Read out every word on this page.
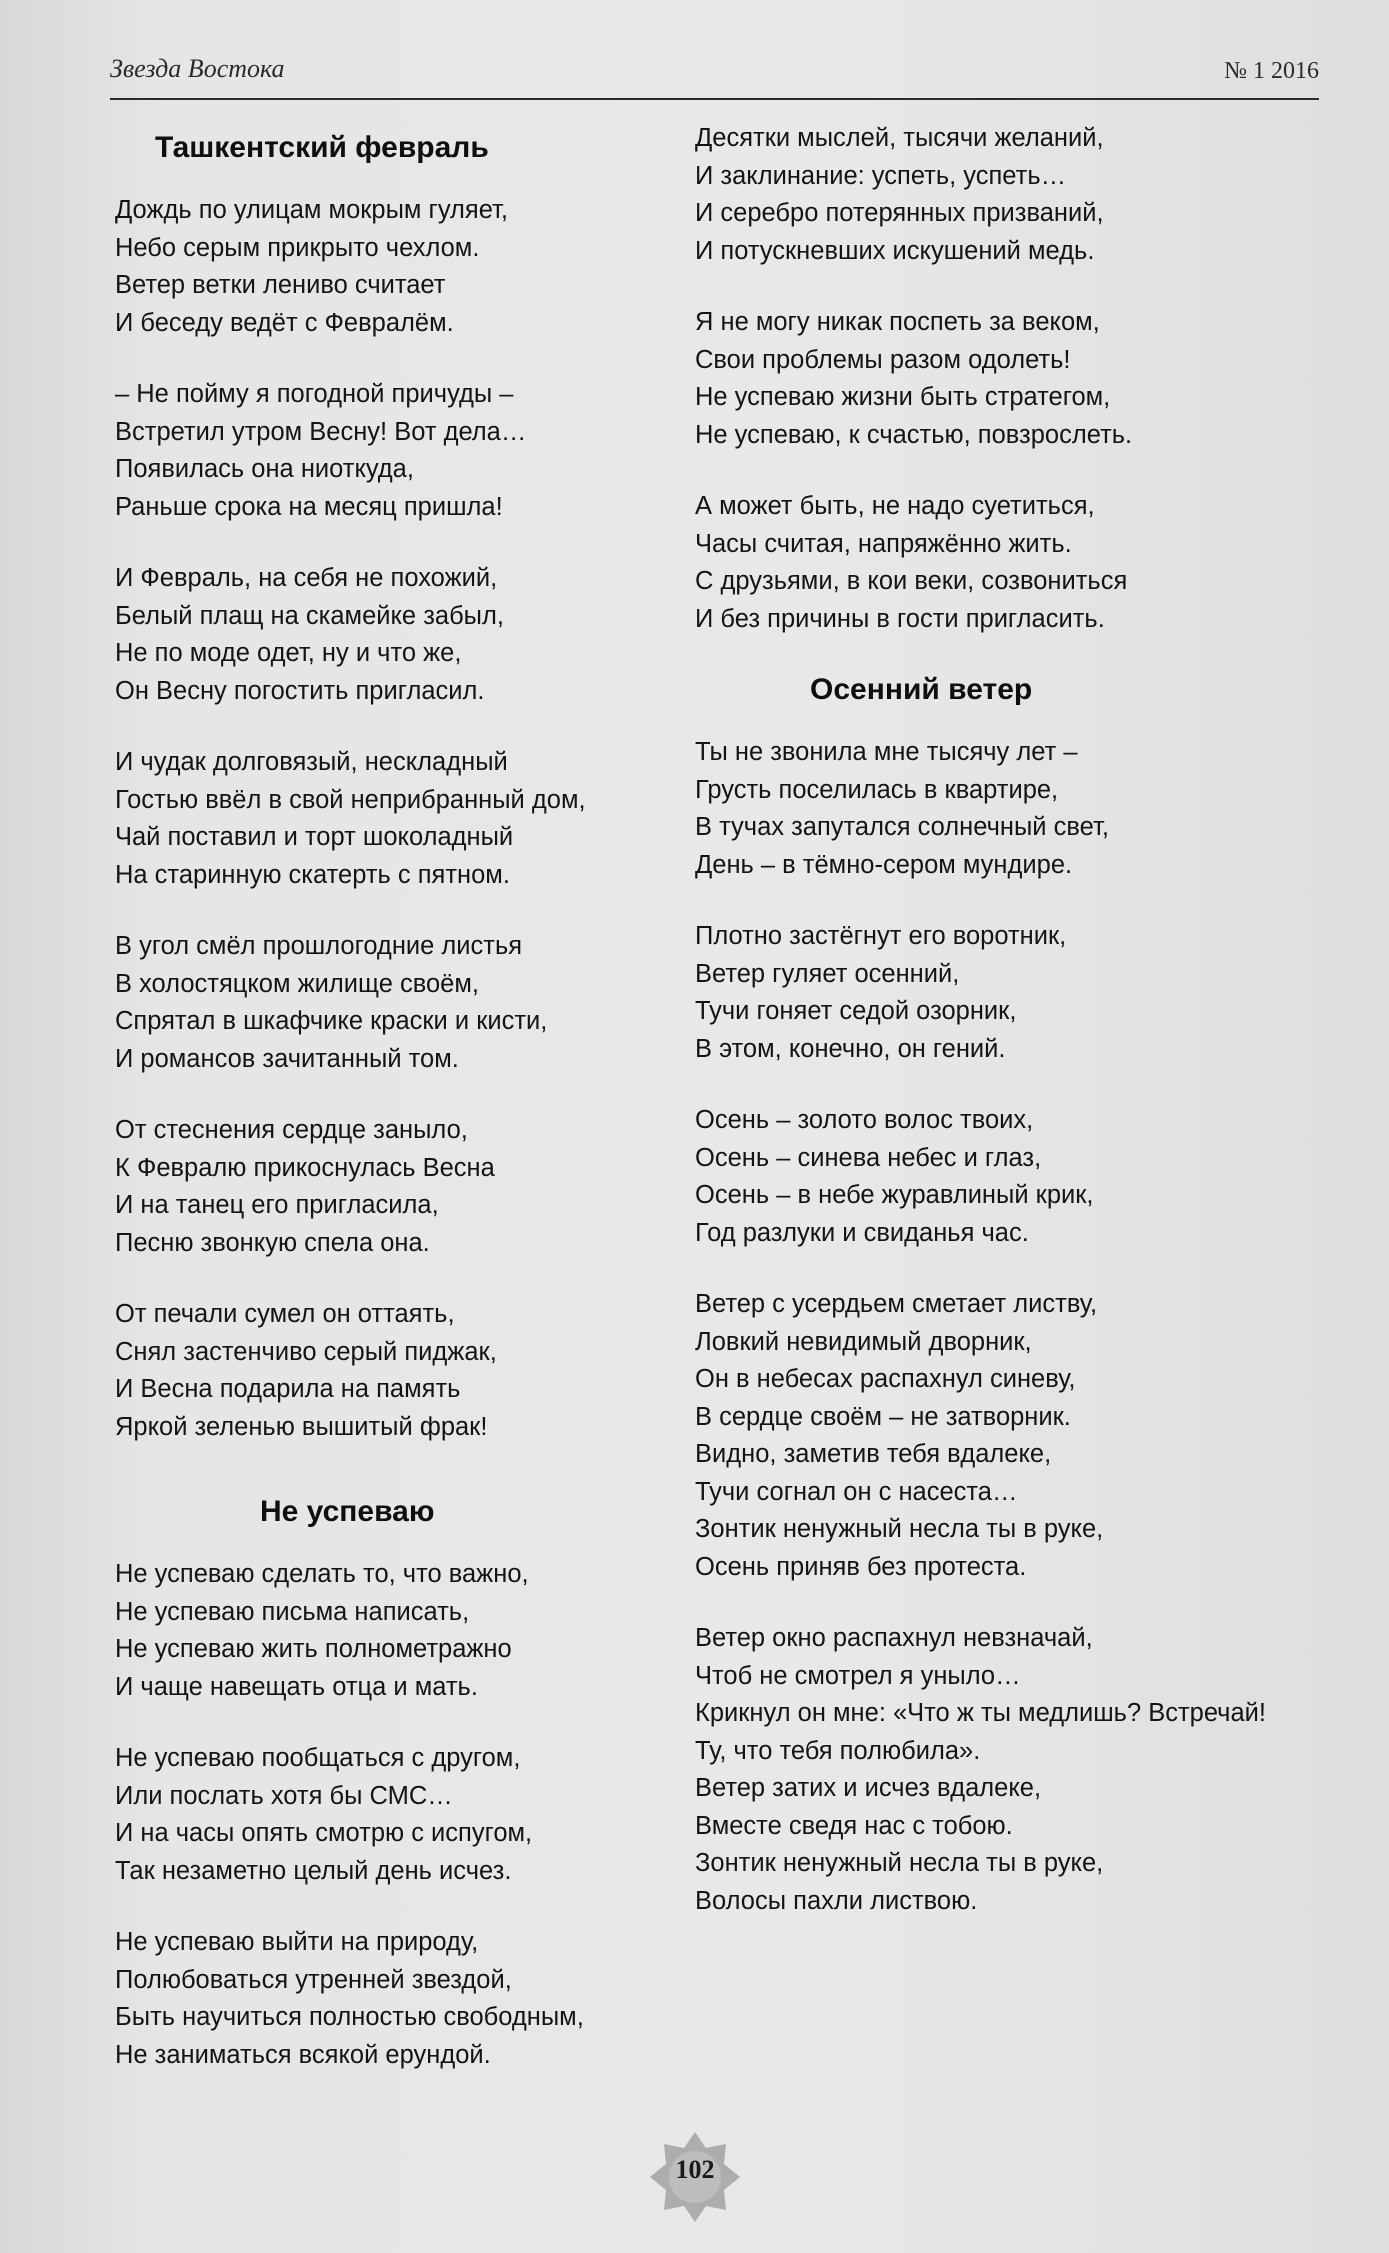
Звезда Востока	№ 1 2016
Ташкентский февраль
Дождь по улицам мокрым гуляет,
Небо серым прикрыто чехлом.
Ветер ветки лениво считает
И беседу ведёт с Февралём.
– Не пойму я погодной причуды –
Встретил утром Весну! Вот дела…
Появилась она ниоткуда,
Раньше срока на месяц пришла!
И Февраль, на себя не похожий,
Белый плащ на скамейке забыл,
Не по моде одет, ну и что же,
Он Весну погостить пригласил.
И чудак долговязый, нескладный
Гостью ввёл в свой неприбранный дом,
Чай поставил и торт шоколадный
На старинную скатерть с пятном.
В угол смёл прошлогодние листья
В холостяцком жилище своём,
Спрятал в шкафчике краски и кисти,
И романсов зачитанный том.
От стеснения сердце заныло,
К Февралю прикоснулась Весна
И на танец его пригласила,
Песню звонкую спела она.
От печали сумел он оттаять,
Снял застенчиво серый пиджак,
И Весна подарила на память
Яркой зеленью вышитый фрак!
Не успеваю
Не успеваю сделать то, что важно,
Не успеваю письма написать,
Не успеваю жить полнометражно
И чаще навещать отца и мать.
Не успеваю пообщаться с другом,
Или послать хотя бы СМС…
И на часы опять смотрю с испугом,
Так незаметно целый день исчез.
Не успеваю выйти на природу,
Полюбоваться утренней звездой,
Быть научиться полностью свободным,
Не заниматься всякой ерундой.
Десятки мыслей, тысячи желаний,
И заклинание: успеть, успеть…
И серебро потерянных призваний,
И потускневших искушений медь.
Я не могу никак поспеть за веком,
Свои проблемы разом одолеть!
Не успеваю жизни быть стратегом,
Не успеваю, к счастью, повзрослеть.
А может быть, не надо суетиться,
Часы считая, напряжённо жить.
С друзьями, в кои веки, созвониться
И без причины в гости пригласить.
Осенний ветер
Ты не звонила мне тысячу лет –
Грусть поселилась в квартире,
В тучах запутался солнечный свет,
День – в тёмно-сером мундире.
Плотно застёгнут его воротник,
Ветер гуляет осенний,
Тучи гоняет седой озорник,
В этом, конечно, он гений.
Осень – золото волос твоих,
Осень – синева небес и глаз,
Осень – в небе журавлиный крик,
Год разлуки и свиданья час.
Ветер с усердьем сметает листву,
Ловкий невидимый дворник,
Он в небесах распахнул синеву,
В сердце своём – не затворник.
Видно, заметив тебя вдалеке,
Тучи согнал он с насеста…
Зонтик ненужный несла ты в руке,
Осень приняв без протеста.
Ветер окно распахнул невзначай,
Чтоб не смотрел я уныло…
Крикнул он мне: «Что ж ты медлишь? Встречай!
Ту, что тебя полюбила».
Ветер затих и исчез вдалеке,
Вместе сведя нас с тобою.
Зонтик ненужный несла ты в руке,
Волосы пахли листвою.
102
